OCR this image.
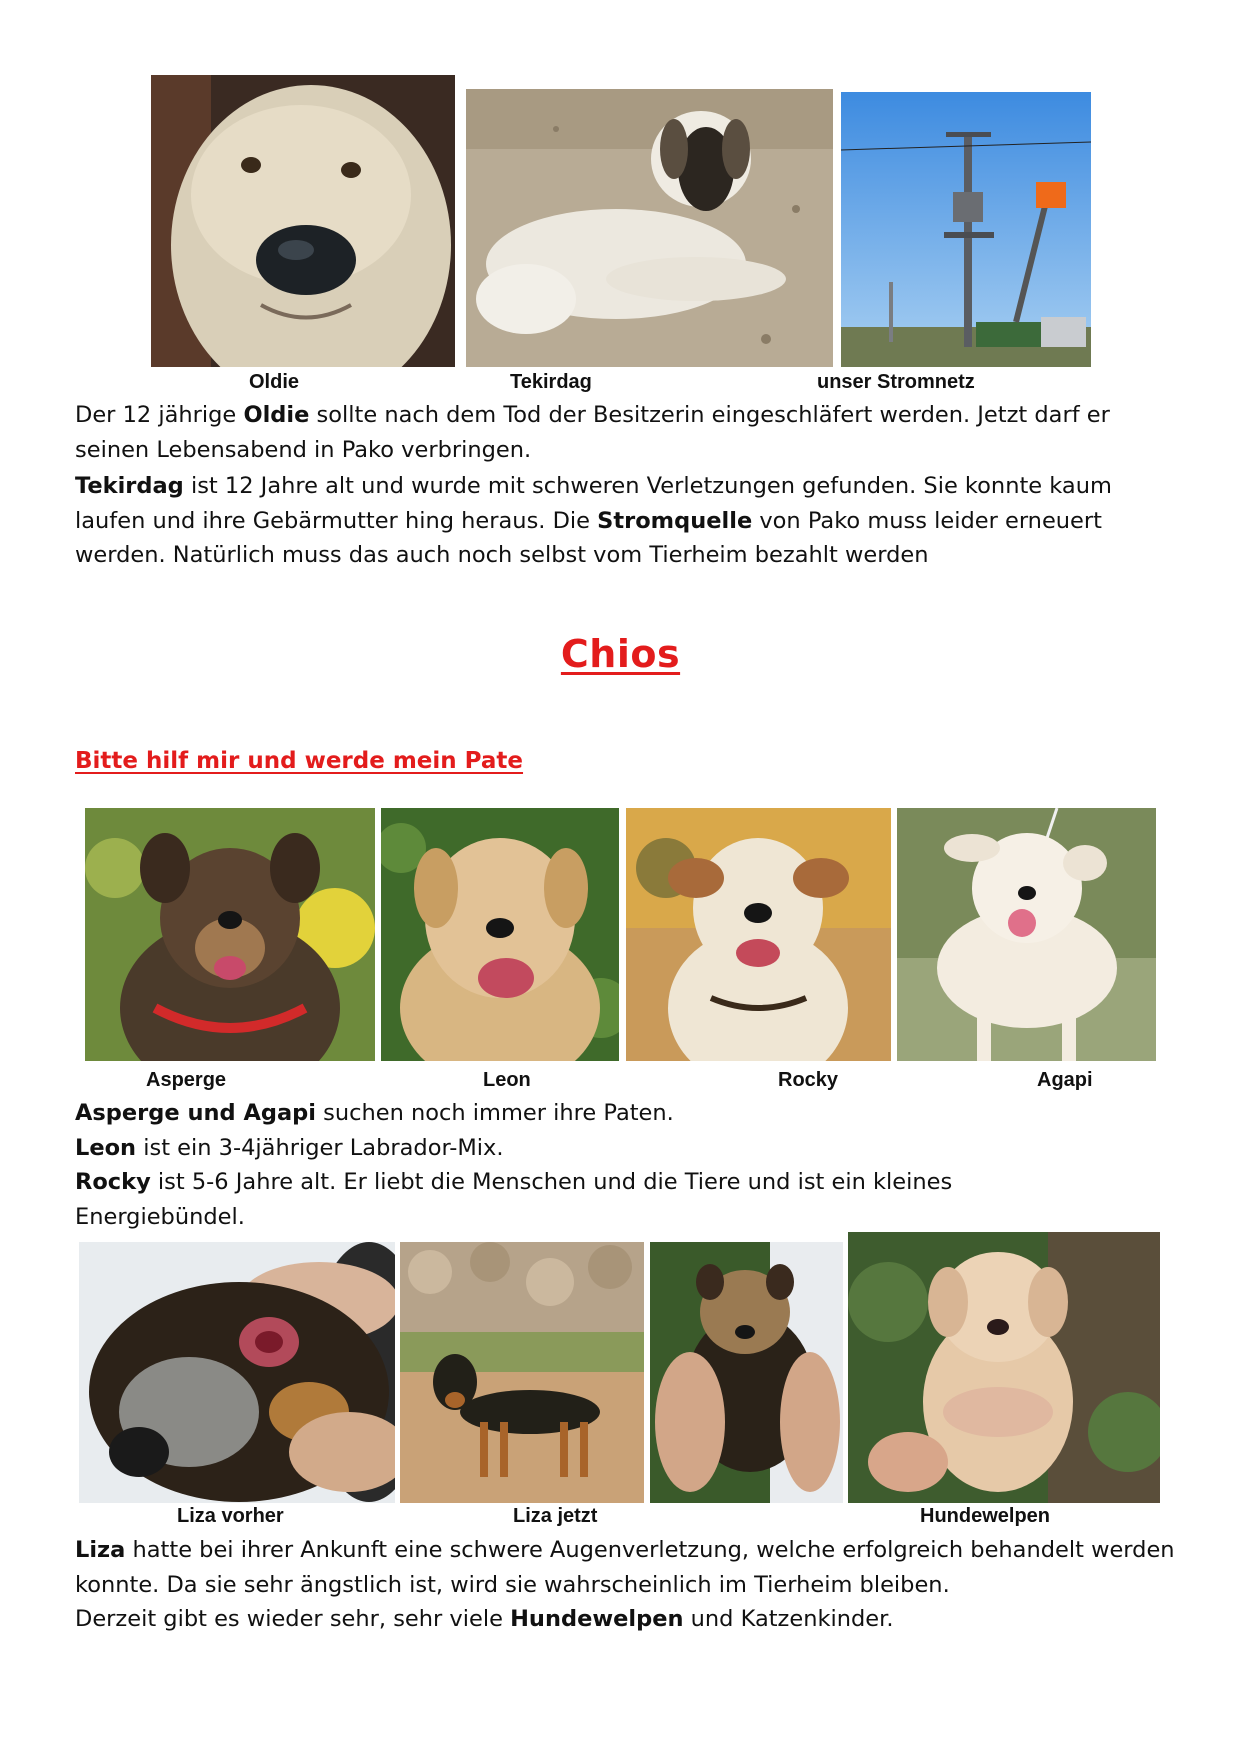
Oldie	Tekirdag	unser Stromnetz

Der 12 jährige Oldie sollte nach dem Tod der Besitzerin eingeschläfert werden. Jetzt darf er seinen Lebensabend in Pako verbringen.

Tekirdag ist 12 Jahre alt und wurde mit schweren Verletzungen gefunden. Sie konnte kaum laufen und ihre Gebärmutter hing heraus. Die Stromquelle von Pako muss leider erneuert werden. Natürlich muss das auch noch selbst vom Tierheim bezahlt werden

Chios
Bitte hilf mir und werde mein Pate
Asperge	Leon	Rocky	Agapi

Asperge und Agapi suchen noch immer ihre Paten.

Leon ist ein 3-4jähriger Labrador-Mix.

Rocky ist 5-6 Jahre alt. Er liebt die Menschen und die Tiere und ist ein kleines Energiebündel.

Liza vorher	Liza jetzt	Hundewelpen

Liza hatte bei ihrer Ankunft eine schwere Augenverletzung, welche erfolgreich behandelt werden konnte. Da sie sehr ängstlich ist, wird sie wahrscheinlich im Tierheim bleiben.

Derzeit gibt es wieder sehr, sehr viele Hundewelpen und Katzenkinder.
